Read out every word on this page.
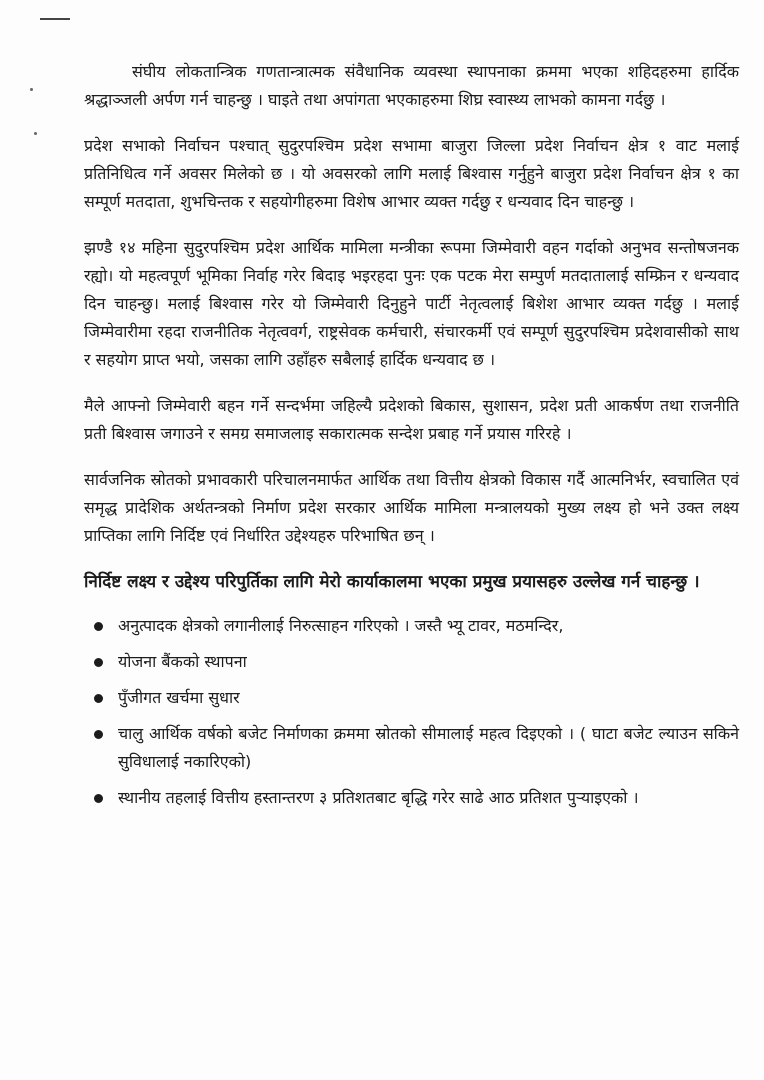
संघीय लोकतान्त्रिक गणतान्त्रात्मक संवैधानिक व्यवस्था स्थापनाका क्रममा भएका शहिदहरुमा हार्दिक श्रद्धाञ्जली अर्पण गर्न चाहन्छु । घाइते तथा अपांगता भएकाहरुमा शिघ्र स्वास्थ्य लाभको कामना गर्दछु ।

प्रदेश सभाको निर्वाचन पश्चात् सुदुरपश्चिम प्रदेश सभामा बाजुरा जिल्ला प्रदेश निर्वाचन क्षेत्र १ वाट मलाई प्रतिनिधित्व गर्ने अवसर मिलेको छ । यो अवसरको लागि मलाई बिश्वास गर्नुहुने बाजुरा प्रदेश निर्वाचन क्षेत्र १ का सम्पूर्ण मतदाता, शुभचिन्तक र सहयोगीहरुमा विशेष आभार व्यक्त गर्दछु र धन्यवाद दिन चाहन्छु ।

झण्डै १४ महिना सुदुरपश्चिम प्रदेश आर्थिक मामिला मन्त्रीका रूपमा जिम्मेवारी वहन गर्दाको अनुभव सन्तोषजनक रह्यो। यो महत्वपूर्ण भूमिका निर्वाह गरेर बिदाइ भइरहदा पुनः एक पटक मेरा सम्पुर्ण मतदातालाई सम्फ्रिन र धन्यवाद दिन चाहन्छु। मलाई बिश्वास गरेर यो जिम्मेवारी दिनुहुने पार्टी नेतृत्वलाई बिशेश आभार व्यक्त गर्दछु । मलाई जिम्मेवारीमा रहदा राजनीतिक नेतृत्ववर्ग, राष्ट्रसेवक कर्मचारी, संचारकर्मी एवं सम्पूर्ण सुदुरपश्चिम प्रदेशवासीको साथ र सहयोग प्राप्त भयो, जसका लागि उहाँहरु सबैलाई हार्दिक धन्यवाद छ ।

मैले आफ्नो जिम्मेवारी बहन गर्ने सन्दर्भमा जहिल्यै प्रदेशको बिकास, सुशासन, प्रदेश प्रती आकर्षण तथा राजनीति प्रती बिश्वास जगाउने र समग्र समाजलाइ सकारात्मक सन्देश प्रबाह गर्ने प्रयास गरिरहे ।

सार्वजनिक स्रोतको प्रभावकारी परिचालनमार्फत आर्थिक तथा वित्तीय क्षेत्रको विकास गर्दै आत्मनिर्भर, स्वचालित एवं समृद्ध प्रादेशिक अर्थतन्त्रको निर्माण प्रदेश सरकार आर्थिक मामिला मन्त्रालयको मुख्य लक्ष्य हो भने उक्त लक्ष्य प्राप्तिका लागि निर्दिष्ट एवं निर्धारित उद्देश्यहरु परिभाषित छन् ।

निर्दिष्ट लक्ष्य र उद्देश्य परिपुर्तिका लागि मेरो कार्याकालमा भएका प्रमुख प्रयासहरु उल्लेख गर्न चाहन्छु ।
अनुत्पादक क्षेत्रको लगानीलाई निरुत्साहन गरिएको । जस्तै भ्यू टावर, मठमन्दिर,
योजना बैंकको स्थापना
पुँजीगत खर्चमा सुधार
चालु आर्थिक वर्षको बजेट निर्माणका क्रममा स्रोतको सीमालाई महत्व दिइएको । ( घाटा बजेट ल्याउन सकिने सुविधालाई नकारिएको)
स्थानीय तहलाई वित्तीय हस्तान्तरण ३ प्रतिशतबाट बृद्धि गरेर साढे आठ प्रतिशत पुर्‍याइएको ।
